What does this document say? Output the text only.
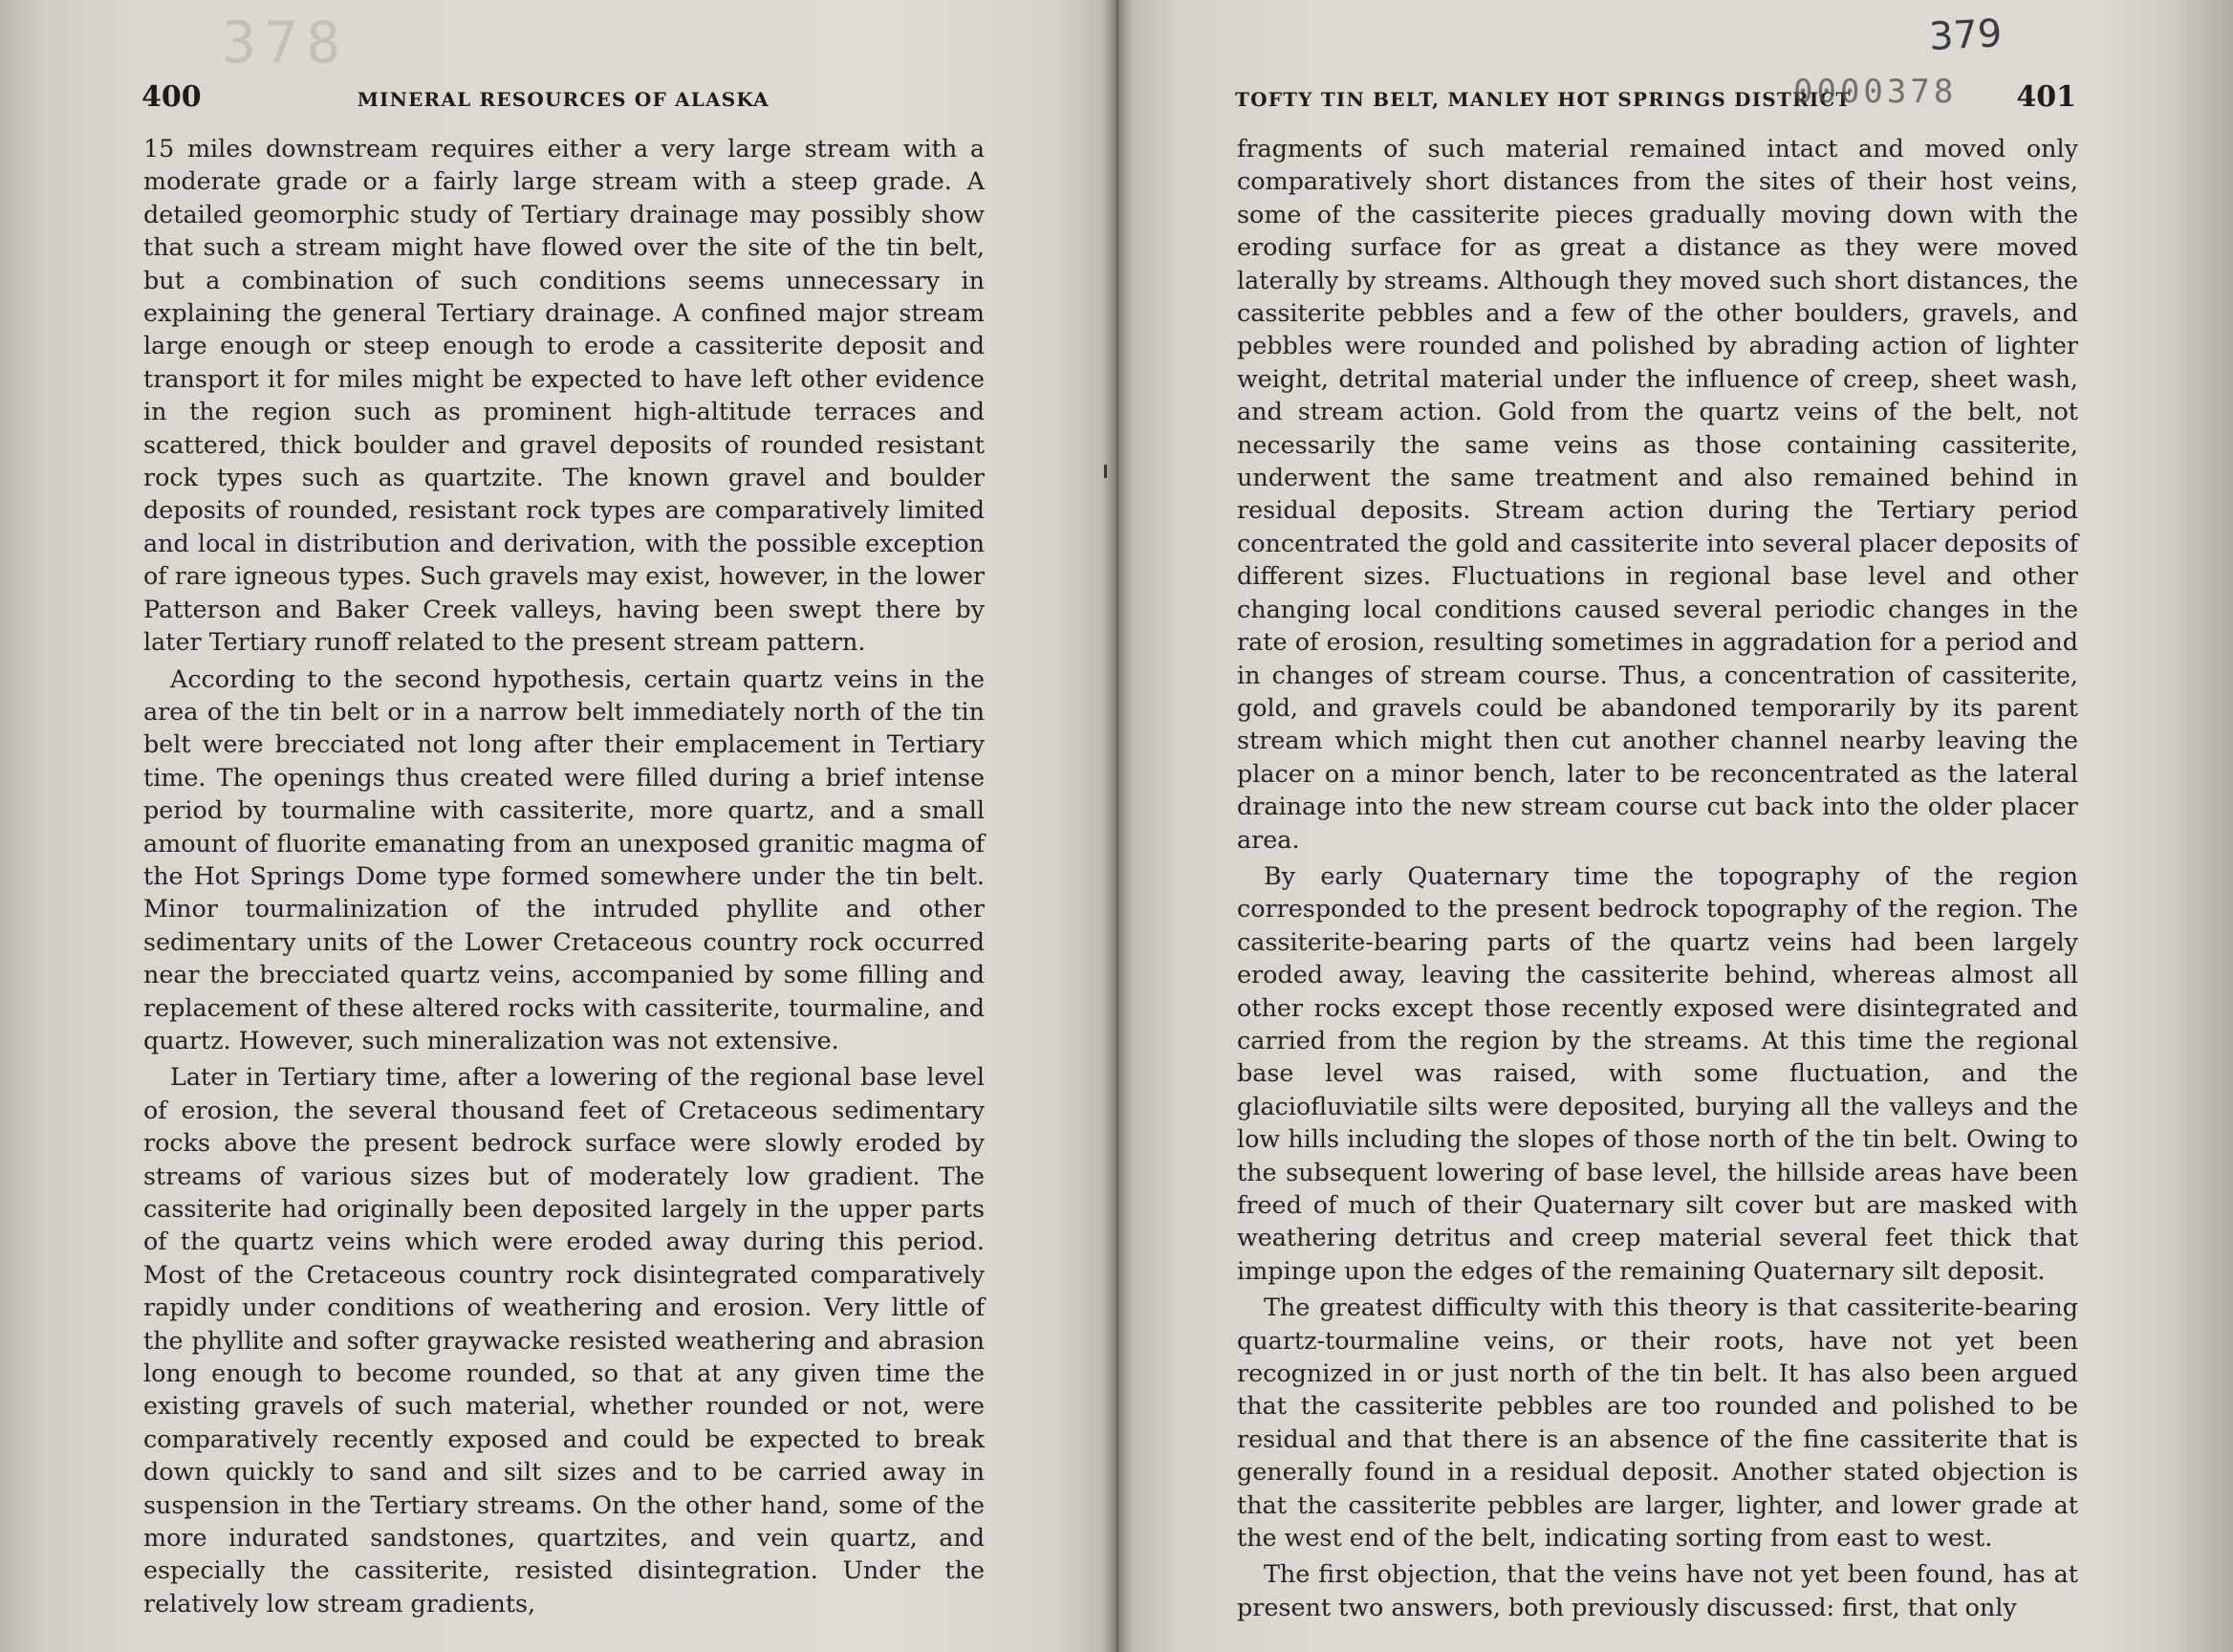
378
400	MINERAL RESOURCES OF ALASKA

15 miles downstream requires either a very large stream with a moderate grade or a fairly large stream with a steep grade. A detailed geomorphic study of Tertiary drainage may possibly show that such a stream might have flowed over the site of the tin belt, but a combination of such conditions seems unnecessary in explaining the general Tertiary drainage. A confined major stream large enough or steep enough to erode a cassiterite deposit and transport it for miles might be expected to have left other evidence in the region such as prominent high-altitude terraces and scattered, thick boulder and gravel deposits of rounded resistant rock types such as quartzite. The known gravel and boulder deposits of rounded, resistant rock types are comparatively limited and local in distribution and derivation, with the possible exception of rare igneous types. Such gravels may exist, however, in the lower Patterson and Baker Creek valleys, having been swept there by later Tertiary runoff related to the present stream pattern.

According to the second hypothesis, certain quartz veins in the area of the tin belt or in a narrow belt immediately north of the tin belt were brecciated not long after their emplacement in Tertiary time. The openings thus created were filled during a brief intense period by tourmaline with cassiterite, more quartz, and a small amount of fluorite emanating from an unexposed granitic magma of the Hot Springs Dome type formed somewhere under the tin belt. Minor tourmalinization of the intruded phyllite and other sedimentary units of the Lower Cretaceous country rock occurred near the brecciated quartz veins, accompanied by some filling and replacement of these altered rocks with cassiterite, tourmaline, and quartz. However, such mineralization was not extensive.

Later in Tertiary time, after a lowering of the regional base level of erosion, the several thousand feet of Cretaceous sedimentary rocks above the present bedrock surface were slowly eroded by streams of various sizes but of moderately low gradient. The cassiterite had originally been deposited largely in the upper parts of the quartz veins which were eroded away during this period. Most of the Cretaceous country rock disintegrated comparatively rapidly under conditions of weathering and erosion. Very little of the phyllite and softer graywacke resisted weathering and abrasion long enough to become rounded, so that at any given time the existing gravels of such material, whether rounded or not, were comparatively recently exposed and could be expected to break down quickly to sand and silt sizes and to be carried away in suspension in the Tertiary streams. On the other hand, some of the more indurated sandstones, quartzites, and vein quartz, and especially the cassiterite, resisted disintegration. Under the relatively low stream gradients,

TOFTY TIN BELT, MANLEY HOT SPRINGS DISTRICT	401
379
0000378

fragments of such material remained intact and moved only comparatively short distances from the sites of their host veins, some of the cassiterite pieces gradually moving down with the eroding surface for as great a distance as they were moved laterally by streams. Although they moved such short distances, the cassiterite pebbles and a few of the other boulders, gravels, and pebbles were rounded and polished by abrading action of lighter weight, detrital material under the influence of creep, sheet wash, and stream action. Gold from the quartz veins of the belt, not necessarily the same veins as those containing cassiterite, underwent the same treatment and also remained behind in residual deposits. Stream action during the Tertiary period concentrated the gold and cassiterite into several placer deposits of different sizes. Fluctuations in regional base level and other changing local conditions caused several periodic changes in the rate of erosion, resulting sometimes in aggradation for a period and in changes of stream course. Thus, a concentration of cassiterite, gold, and gravels could be abandoned temporarily by its parent stream which might then cut another channel nearby leaving the placer on a minor bench, later to be reconcentrated as the lateral drainage into the new stream course cut back into the older placer area.

By early Quaternary time the topography of the region corresponded to the present bedrock topography of the region. The cassiterite-bearing parts of the quartz veins had been largely eroded away, leaving the cassiterite behind, whereas almost all other rocks except those recently exposed were disintegrated and carried from the region by the streams. At this time the regional base level was raised, with some fluctuation, and the glaciofluviatile silts were deposited, burying all the valleys and the low hills including the slopes of those north of the tin belt. Owing to the subsequent lowering of base level, the hillside areas have been freed of much of their Quaternary silt cover but are masked with weathering detritus and creep material several feet thick that impinge upon the edges of the remaining Quaternary silt deposit.

The greatest difficulty with this theory is that cassiterite-bearing quartz-tourmaline veins, or their roots, have not yet been recognized in or just north of the tin belt. It has also been argued that the cassiterite pebbles are too rounded and polished to be residual and that there is an absence of the fine cassiterite that is generally found in a residual deposit. Another stated objection is that the cassiterite pebbles are larger, lighter, and lower grade at the west end of the belt, indicating sorting from east to west.

The first objection, that the veins have not yet been found, has at present two answers, both previously discussed: first, that only
